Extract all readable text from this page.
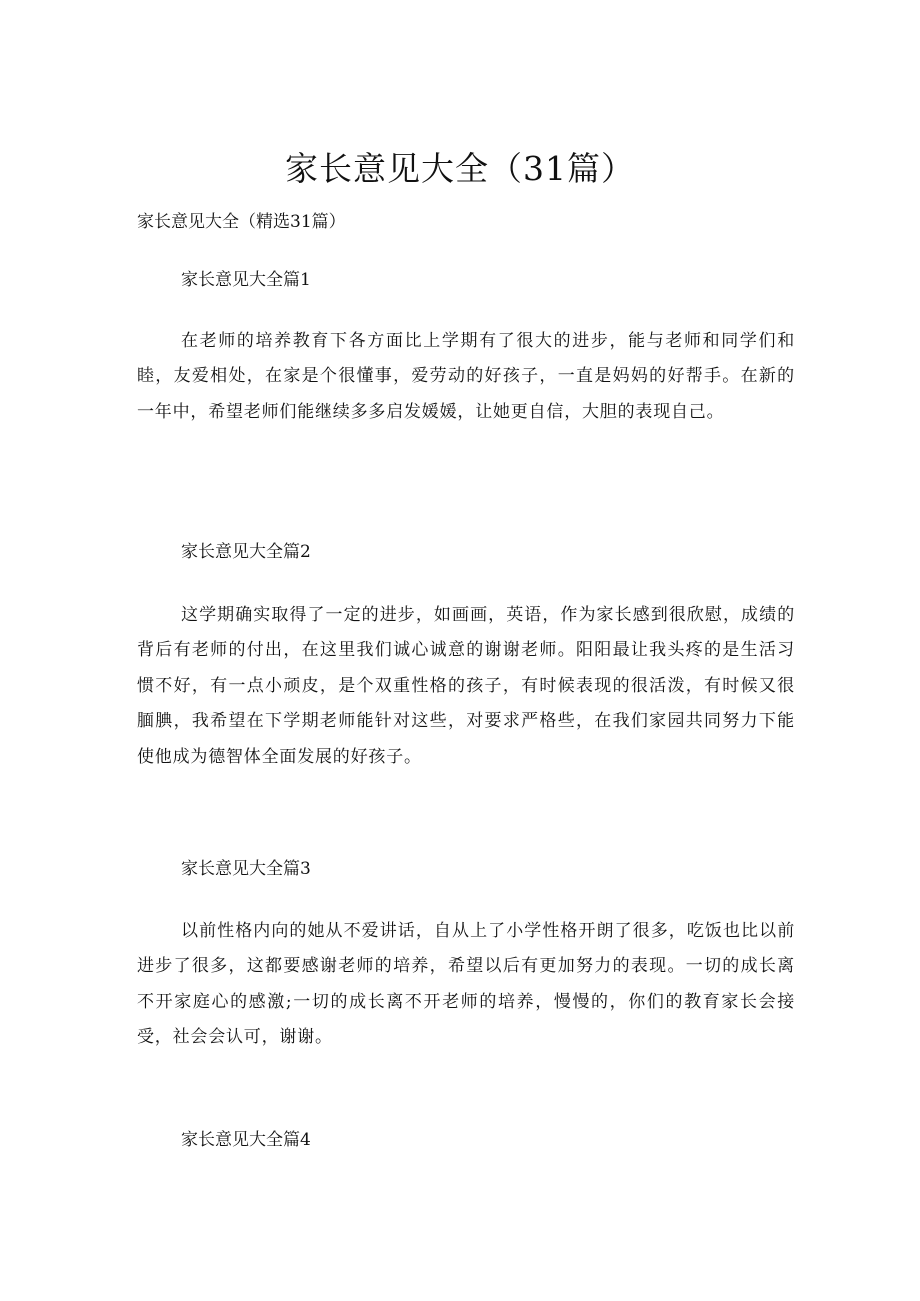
家长意见大全（31篇）
家长意见大全（精选31篇）
家长意见大全篇1
在老师的培养教育下各方面比上学期有了很大的进步，能与老师和同学们和睦，友爱相处，在家是个很懂事，爱劳动的好孩子，一直是妈妈的好帮手。在新的一年中，希望老师们能继续多多启发媛媛，让她更自信，大胆的表现自己。
家长意见大全篇2
这学期确实取得了一定的进步，如画画，英语，作为家长感到很欣慰，成绩的背后有老师的付出，在这里我们诚心诚意的谢谢老师。阳阳最让我头疼的是生活习惯不好，有一点小顽皮，是个双重性格的孩子，有时候表现的很活泼，有时候又很腼腆，我希望在下学期老师能针对这些，对要求严格些，在我们家园共同努力下能使他成为德智体全面发展的好孩子。
家长意见大全篇3
以前性格内向的她从不爱讲话，自从上了小学性格开朗了很多，吃饭也比以前进步了很多，这都要感谢老师的培养，希望以后有更加努力的表现。一切的成长离不开家庭心的感激;一切的成长离不开老师的培养，慢慢的，你们的教育家长会接受，社会会认可，谢谢。
家长意见大全篇4
